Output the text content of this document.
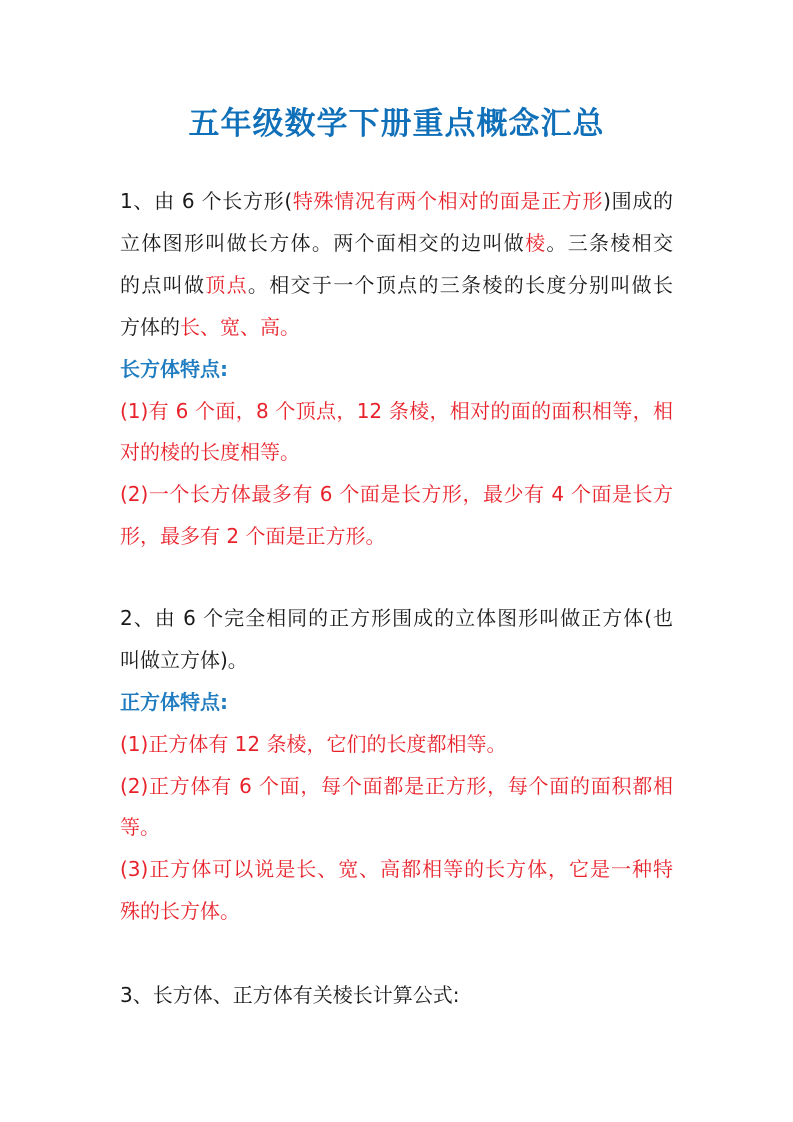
五年级数学下册重点概念汇总
1、由 6 个长方形(特殊情况有两个相对的面是正方形)围成的
立体图形叫做长方体。两个面相交的边叫做棱。三条棱相交
的点叫做顶点。相交于一个顶点的三条棱的长度分别叫做长
方体的长、宽、高。
长方体特点:
(1)有 6 个面，8 个顶点，12 条棱，相对的面的面积相等，相
对的棱的长度相等。
(2)一个长方体最多有 6 个面是长方形，最少有 4 个面是长方
形，最多有 2 个面是正方形。
2、由 6 个完全相同的正方形围成的立体图形叫做正方体(也
叫做立方体)。
正方体特点:
(1)正方体有 12 条棱，它们的长度都相等。
(2)正方体有 6 个面，每个面都是正方形，每个面的面积都相
等。
(3)正方体可以说是长、宽、高都相等的长方体，它是一种特
殊的长方体。
3、长方体、正方体有关棱长计算公式:
